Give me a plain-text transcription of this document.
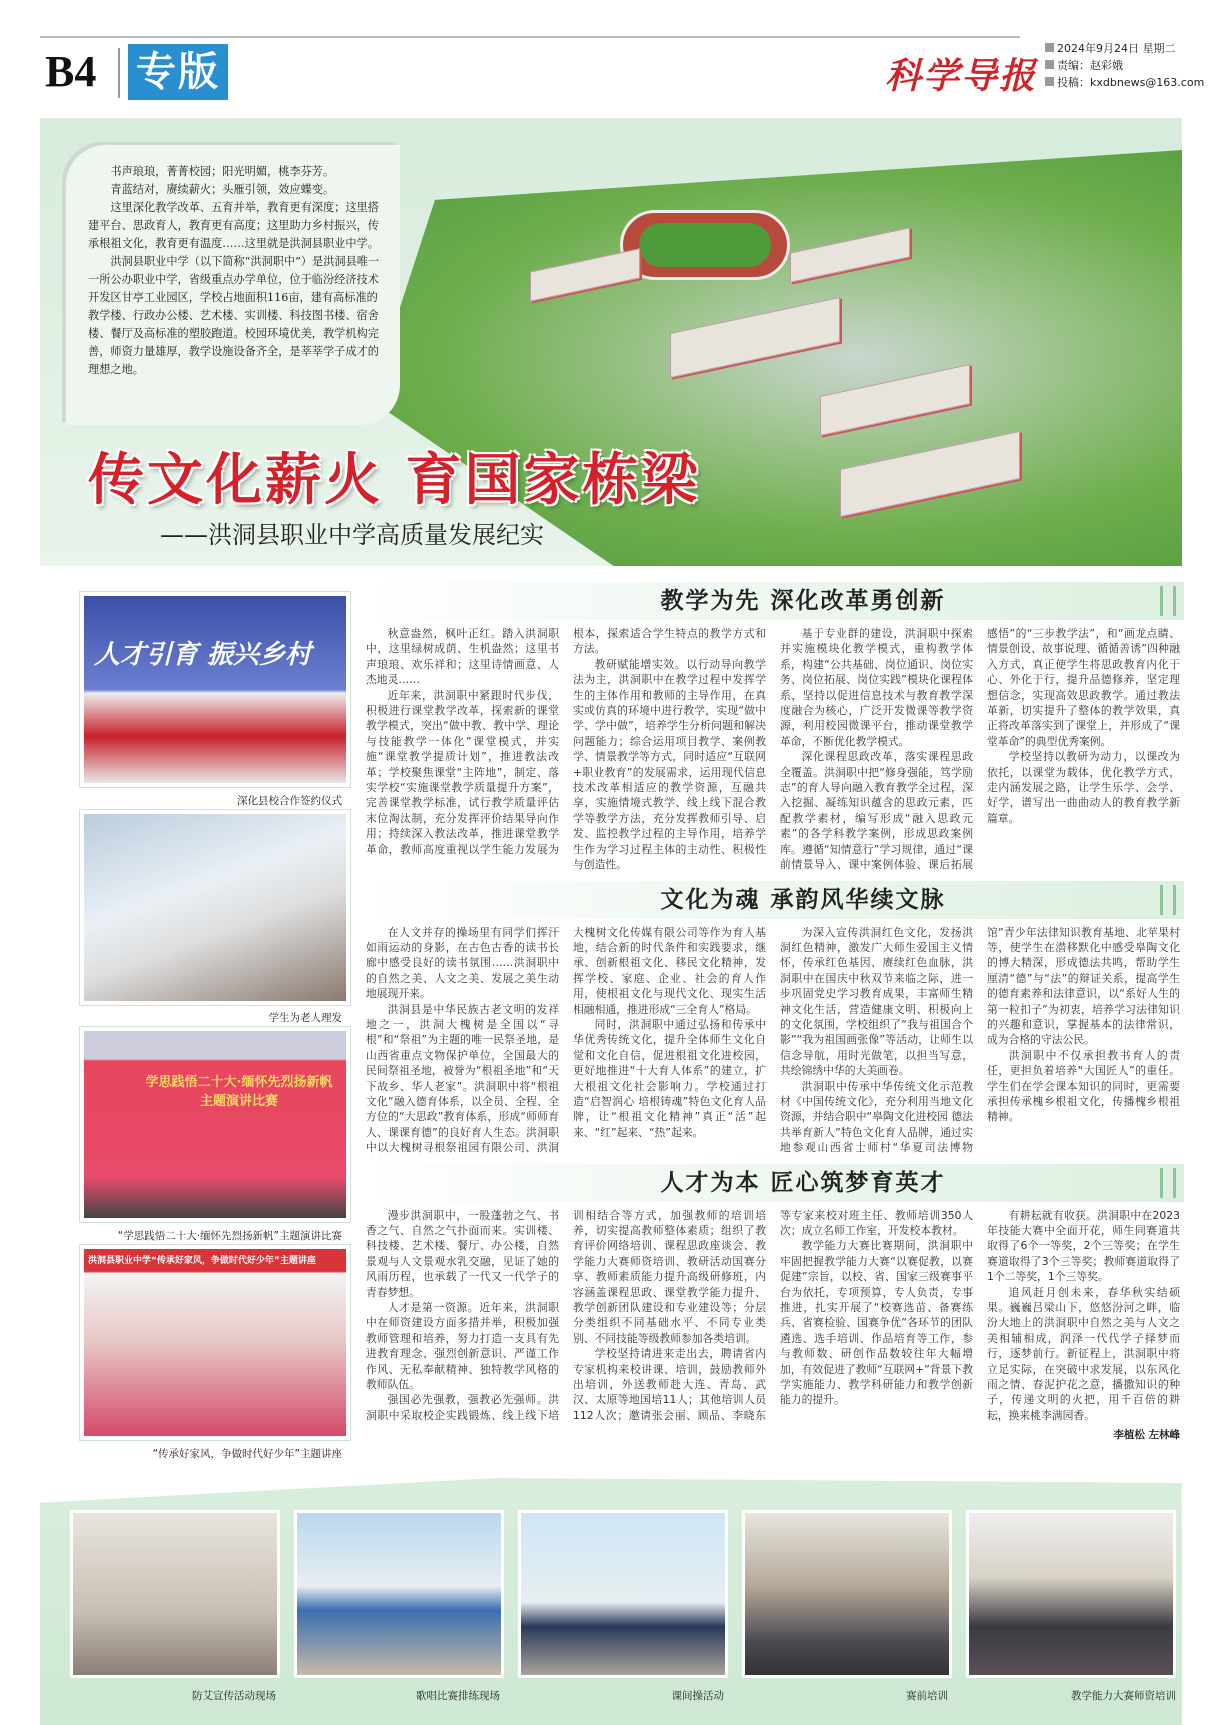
B4 专版	科学导报
2024年9月24日 星期二
责编：赵彩娥
投稿：kxdbnews@163.com

书声琅琅，菁菁校园；阳光明媚，桃李芬芳。

青蓝结对，赓续薪火；头雁引领，效应蝶变。

这里深化教学改革、五育并举，教育更有深度；这里搭建平台、思政育人，教育更有高度；这里助力乡村振兴，传承根祖文化，教育更有温度……这里就是洪洞县职业中学。

洪洞县职业中学（以下简称“洪洞职中”）是洪洞县唯一一所公办职业中学，省级重点办学单位，位于临汾经济技术开发区甘亭工业园区，学校占地面积116亩，建有高标准的教学楼、行政办公楼、艺术楼、实训楼、科技图书楼、宿舍楼、餐厅及高标准的塑胶跑道。校园环境优美，教学机构完善，师资力量雄厚，教学设施设备齐全，是莘莘学子成才的理想之地。

传文化薪火 育国家栋梁
——洪洞县职业中学高质量发展纪实
人才引育 振兴乡村
深化县校合作签约仪式
学生为老人理发
学思践悟二十大·缅怀先烈扬新帆 主题演讲比赛
“学思践悟二十大·缅怀先烈扬新帆”主题演讲比赛
洪洞县职业中学“传承好家风，争做时代好少年”主题讲座
“传承好家风，争做时代好少年”主题讲座
教学为先 深化改革勇创新

秋意盎然，枫叶正红。踏入洪洞职中，这里绿树成荫、生机盎然；这里书声琅琅、欢乐祥和；这里诗情画意、人杰地灵……

近年来，洪洞职中紧跟时代步伐，积极进行课堂教学改革，探索新的课堂教学模式，突出“做中教、教中学、理论与技能教学一体化”课堂模式，并实施“课堂教学提质计划”，推进教法改革；学校聚焦课堂“主阵地”，制定、落实学校“实施课堂教学质量提升方案”，完善课堂教学标准，试行教学质量评估末位淘汰制，充分发挥评价结果导向作用；持续深入教法改革，推进课堂教学革命，教师高度重视以学生能力发展为根本，探索适合学生特点的教学方式和方法。

教研赋能增实效。以行动导向教学法为主，洪洞职中在教学过程中发挥学生的主体作用和教师的主导作用，在真实或仿真的环境中进行教学，实现“做中学、学中做”，培养学生分析问题和解决问题能力；综合运用项目教学、案例教学、情景教学等方式，同时适应“互联网+职业教育”的发展需求，运用现代信息技术改革相适应的教学资源，互融共享，实施情境式教学、线上线下混合教学等教学方法，充分发挥教师引导、启发、监控教学过程的主导作用，培养学生作为学习过程主体的主动性、积极性与创造性。

基于专业群的建设，洪洞职中探索并实施模块化教学模式，重构教学体系，构建“公共基础、岗位通识、岗位实务、岗位拓展、岗位实践”模块化课程体系，坚持以促进信息技术与教育教学深度融合为核心，广泛开发微课等教学资源，利用校园微课平台，推动课堂教学革命，不断优化教学模式。

深化课程思政改革，落实课程思政全覆盖。洪洞职中把“修身强能，笃学励志”的育人导向融入教育教学全过程，深入挖掘、凝练知识蕴含的思政元素，匹配教学素材，编写形成“融入思政元素”的各学科教学案例，形成思政案例库。遵循“知情意行”学习规律，通过“课前情景导入、课中案例体验、课后拓展感悟”的“三步教学法”，和“画龙点睛、情景创设、故事说理、循循善诱”四种融入方式，真正使学生将思政教育内化于心、外化于行，提升品德修养，坚定理想信念，实现高效思政教学。通过教法革新，切实提升了整体的教学效果，真正将改革落实到了课堂上，并形成了“课堂革命”的典型优秀案例。

学校坚持以教研为动力，以课改为依托，以课堂为载体，优化教学方式，走内涵发展之路，让学生乐学、会学、好学，谱写出一曲曲动人的教育教学新篇章。

文化为魂 承韵风华续文脉

在人文并存的操场里有同学们挥汗如雨运动的身影，在古色古香的读书长廊中感受良好的读书氛围……洪洞职中的自然之美、人文之美、发展之美生动地展现开来。

洪洞县是中华民族古老文明的发祥地之一，洪洞大槐树是全国以“寻根”和“祭祖”为主题的唯一民祭圣地，是山西省重点文物保护单位，全国最大的民间祭祖圣地，被誉为“根祖圣地”和“天下故乡、华人老家”。洪洞职中将“根祖文化”融入德育体系，以全员、全程、全方位的“大思政”教育体系，形成“师师育人、课课育德”的良好育人生态。洪洞职中以大槐树寻根祭祖园有限公司、洪洞大槐树文化传媒有限公司等作为育人基地，结合新的时代条件和实践要求，继承、创新根祖文化、移民文化精神，发挥学校、家庭、企业、社会的育人作用，使根祖文化与现代文化、现实生活相融相通，推进形成“三全育人”格局。

同时，洪洞职中通过弘扬和传承中华优秀传统文化，提升全体师生文化自觉和文化自信，促进根祖文化进校园，更好地推进“十大育人体系”的建立，扩大根祖文化社会影响力。学校通过打造“启智润心 培根铸魂”特色文化育人品牌，让“根祖文化精神”真正“活”起来、“红”起来、“热”起来。

为深入宣传洪洞红色文化，发扬洪洞红色精神，激发广大师生爱国主义情怀，传承红色基因、赓续红色血脉，洪洞职中在国庆中秋双节来临之际，进一步巩固党史学习教育成果，丰富师生精神文化生活，营造健康文明、积极向上的文化氛围，学校组织了“我与祖国合个影”“我为祖国画张像”等活动，让师生以信念导航，用时光做笔，以担当写意，共绘锦绣中华的大美画卷。

洪洞职中传承中华传统文化示范教材《中国传统文化》，充分利用当地文化资源，并结合职中“皋陶文化进校园 德法共举育新人”特色文化育人品牌，通过实地参观山西省士师村“华夏司法博物馆”青少年法律知识教育基地、北苹果村等，使学生在潜移默化中感受皋陶文化的博大精深，形成德法共鸣，帮助学生厘清“德”与“法”的辩证关系，提高学生的德育素养和法律意识，以“系好人生的第一粒扣子”为初衷，培养学习法律知识的兴趣和意识，掌握基本的法律常识，成为合格的守法公民。

洪洞职中不仅承担教书育人的责任，更担负着培养“大国匠人”的重任。学生们在学会课本知识的同时，更需要承担传承槐乡根祖文化，传播槐乡根祖精神。

人才为本 匠心筑梦育英才

漫步洪洞职中，一股蓬勃之气、书香之气、自然之气扑面而来。实训楼、科技楼、艺术楼、餐厅、办公楼，自然景观与人文景观水乳交融，见证了她的风雨历程，也承载了一代又一代学子的青春梦想。

人才是第一资源。近年来，洪洞职中在师资建设方面多措并举，积极加强教师管理和培养，努力打造一支具有先进教育理念、强烈创新意识、严谨工作作风、无私奉献精神、独特教学风格的教师队伍。

强国必先强教，强教必先强师。洪洞职中采取校企实践锻炼、线上线下培训相结合等方式，加强教师的培训培养，切实提高教师整体素质；组织了教育评价网络培训、课程思政座谈会、教学能力大赛师资培训、教研活动国赛分享、教师素质能力提升高级研修班，内容涵盖课程思政、课堂教学能力提升、教学创新团队建设和专业建设等；分层分类组织不同基础水平、不同专业类别、不同技能等级教师参加各类培训。

学校坚持请进来走出去，聘请省内专家机构来校讲课、培训，鼓励教师外出培训，外送教师赴大连、青岛、武汉、太原等地国培11人；其他培训人员112人次；邀请张会丽、顾品、李晓东等专家来校对班主任、教师培训350人次；成立名师工作室，开发校本教材。

教学能力大赛比赛期间，洪洞职中牢固把握教学能力大赛“以赛促教，以赛促建”宗旨，以校、省、国家三级赛事平台为依托，专项预算，专人负责，专事推进，扎实开展了“校赛选苗、备赛练兵、省赛检验、国赛争优”各环节的团队遴选、选手培训、作品培育等工作，参与教师数、研创作品数较往年大幅增加，有效促进了教师“互联网+”背景下教学实施能力、教学科研能力和教学创新能力的提升。

有耕耘就有收获。洪洞职中在2023年技能大赛中全面开花，师生同赛道共取得了6个一等奖，2个三等奖；在学生赛道取得了3个三等奖；教师赛道取得了1个二等奖，1个三等奖。

追风赶月创未来，春华秋实结硕果。巍巍吕梁山下，悠悠汾河之畔，临汾大地上的洪洞职中自然之美与人文之美相辅相成，润泽一代代学子择梦而行，逐梦前行。新征程上，洪洞职中将立足实际，在突破中求发展，以东风化雨之情、春泥护花之意，播撒知识的种子，传递文明的火把，用千百倍的耕耘，换来桃李满园香。

李植松 左林峰
防艾宣传活动现场	歌唱比赛排练现场	课间操活动	赛前培训	教学能力大赛师资培训
